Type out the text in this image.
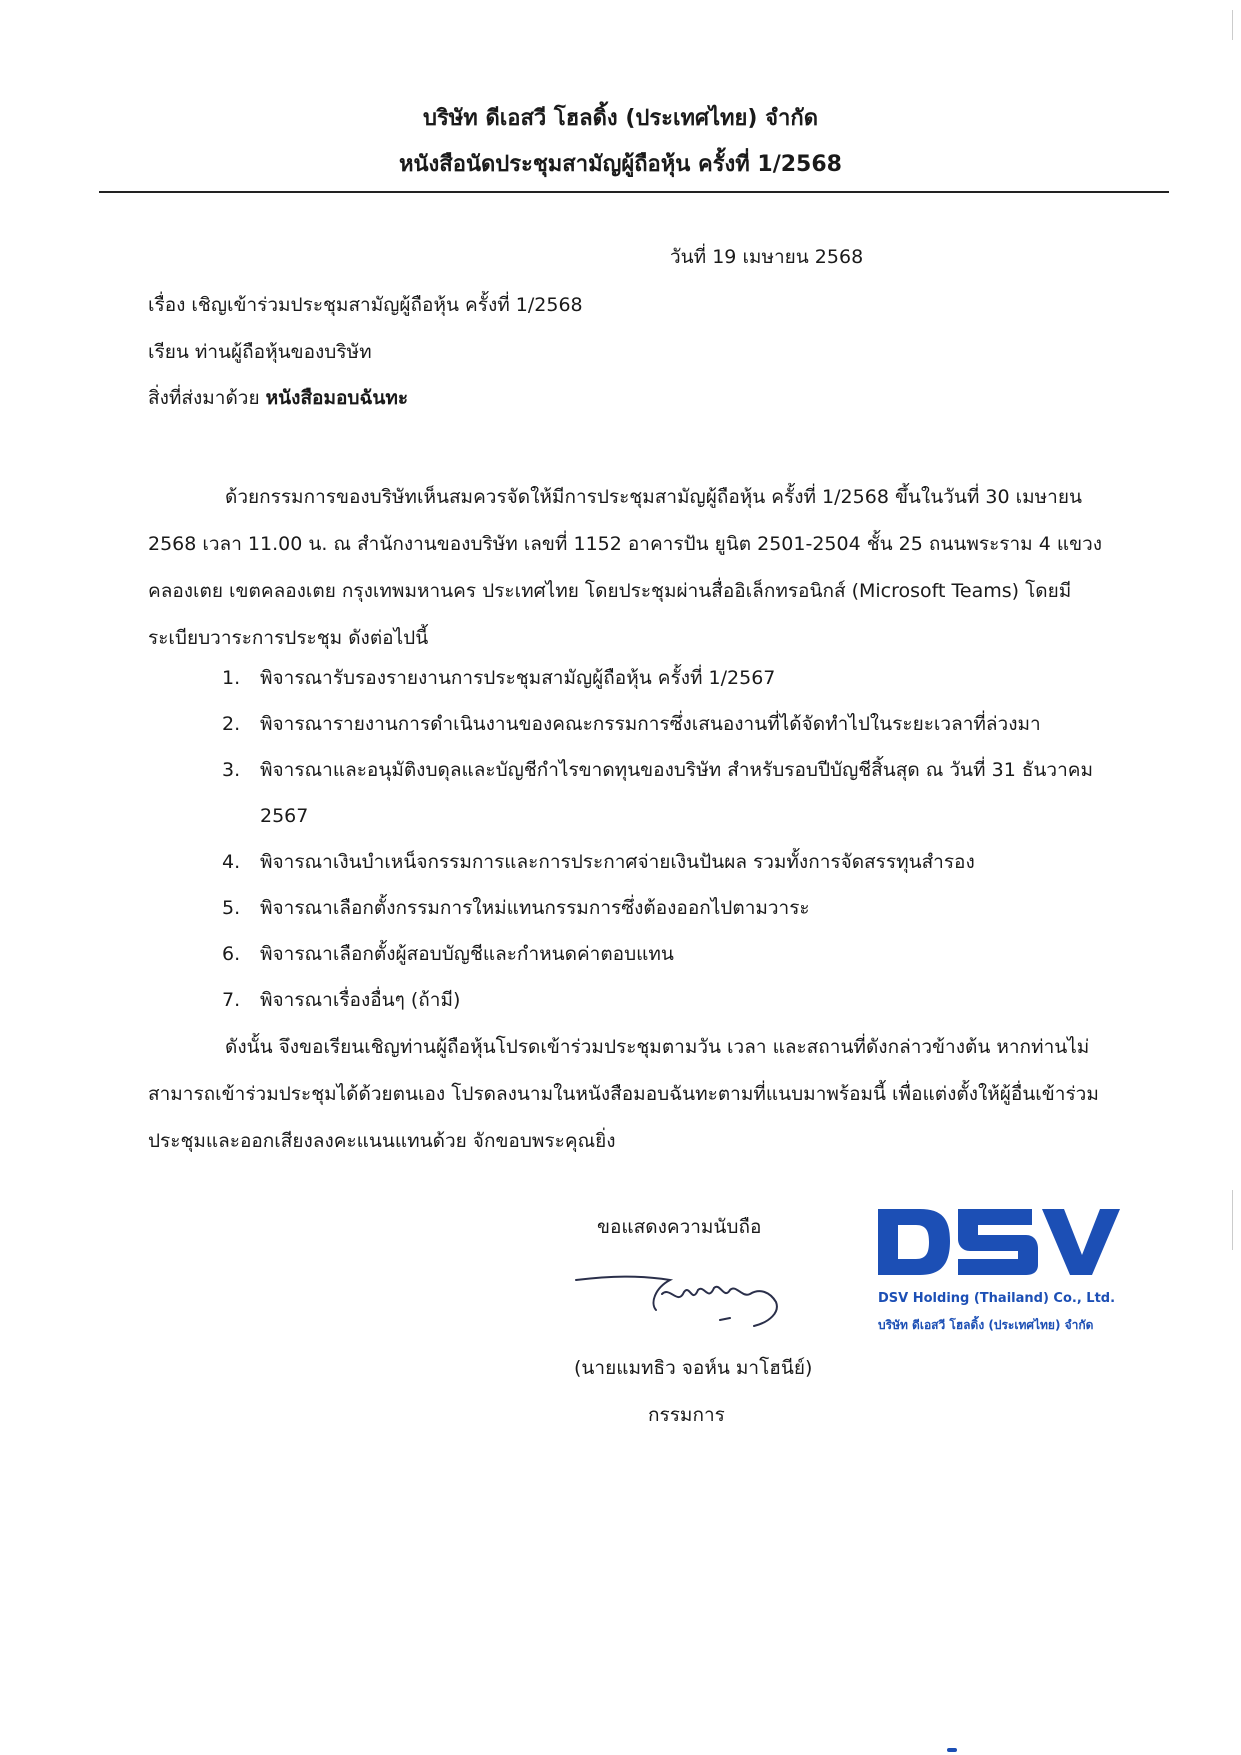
บริษัท ดีเอสวี โฮลดิ้ง (ประเทศไทย) จำกัด
หนังสือนัดประชุมสามัญผู้ถือหุ้น ครั้งที่ 1/2568
วันที่ 19 เมษายน 2568
เรื่อง เชิญเข้าร่วมประชุมสามัญผู้ถือหุ้น ครั้งที่ 1/2568
เรียน ท่านผู้ถือหุ้นของบริษัท
สิ่งที่ส่งมาด้วย หนังสือมอบฉันทะ
ด้วยกรรมการของบริษัทเห็นสมควรจัดให้มีการประชุมสามัญผู้ถือหุ้น ครั้งที่ 1/2568 ขึ้นในวันที่ 30 เมษายน 2568 เวลา 11.00 น. ณ สำนักงานของบริษัท เลขที่ 1152 อาคารปัน ยูนิต 2501-2504 ชั้น 25 ถนนพระราม 4 แขวงคลองเตย เขตคลองเตย กรุงเทพมหานคร ประเทศไทย โดยประชุมผ่านสื่ออิเล็กทรอนิกส์ (Microsoft Teams) โดยมีระเบียบวาระการประชุม ดังต่อไปนี้
1.	พิจารณารับรองรายงานการประชุมสามัญผู้ถือหุ้น ครั้งที่ 1/2567
2.	พิจารณารายงานการดำเนินงานของคณะกรรมการซึ่งเสนองานที่ได้จัดทำไปในระยะเวลาที่ล่วงมา
3.	พิจารณาและอนุมัติงบดุลและบัญชีกำไรขาดทุนของบริษัท สำหรับรอบปีบัญชีสิ้นสุด ณ วันที่ 31 ธันวาคม 2567
4.	พิจารณาเงินบำเหน็จกรรมการและการประกาศจ่ายเงินปันผล รวมทั้งการจัดสรรทุนสำรอง
5.	พิจารณาเลือกตั้งกรรมการใหม่แทนกรรมการซึ่งต้องออกไปตามวาระ
6.	พิจารณาเลือกตั้งผู้สอบบัญชีและกำหนดค่าตอบแทน
7.	พิจารณาเรื่องอื่นๆ (ถ้ามี)
ดังนั้น จึงขอเรียนเชิญท่านผู้ถือหุ้นโปรดเข้าร่วมประชุมตามวัน เวลา และสถานที่ดังกล่าวข้างต้น หากท่านไม่สามารถเข้าร่วมประชุมได้ด้วยตนเอง โปรดลงนามในหนังสือมอบฉันทะตามที่แนบมาพร้อมนี้ เพื่อแต่งตั้งให้ผู้อื่นเข้าร่วมประชุมและออกเสียงลงคะแนนแทนด้วย จักขอบพระคุณยิ่ง
ขอแสดงความนับถือ
(นายแมทธิว จอห์น มาโฮนีย์)
กรรมการ
DSV Holding (Thailand) Co., Ltd.
บริษัท ดีเอสวี โฮลดิ้ง (ประเทศไทย) จำกัด
